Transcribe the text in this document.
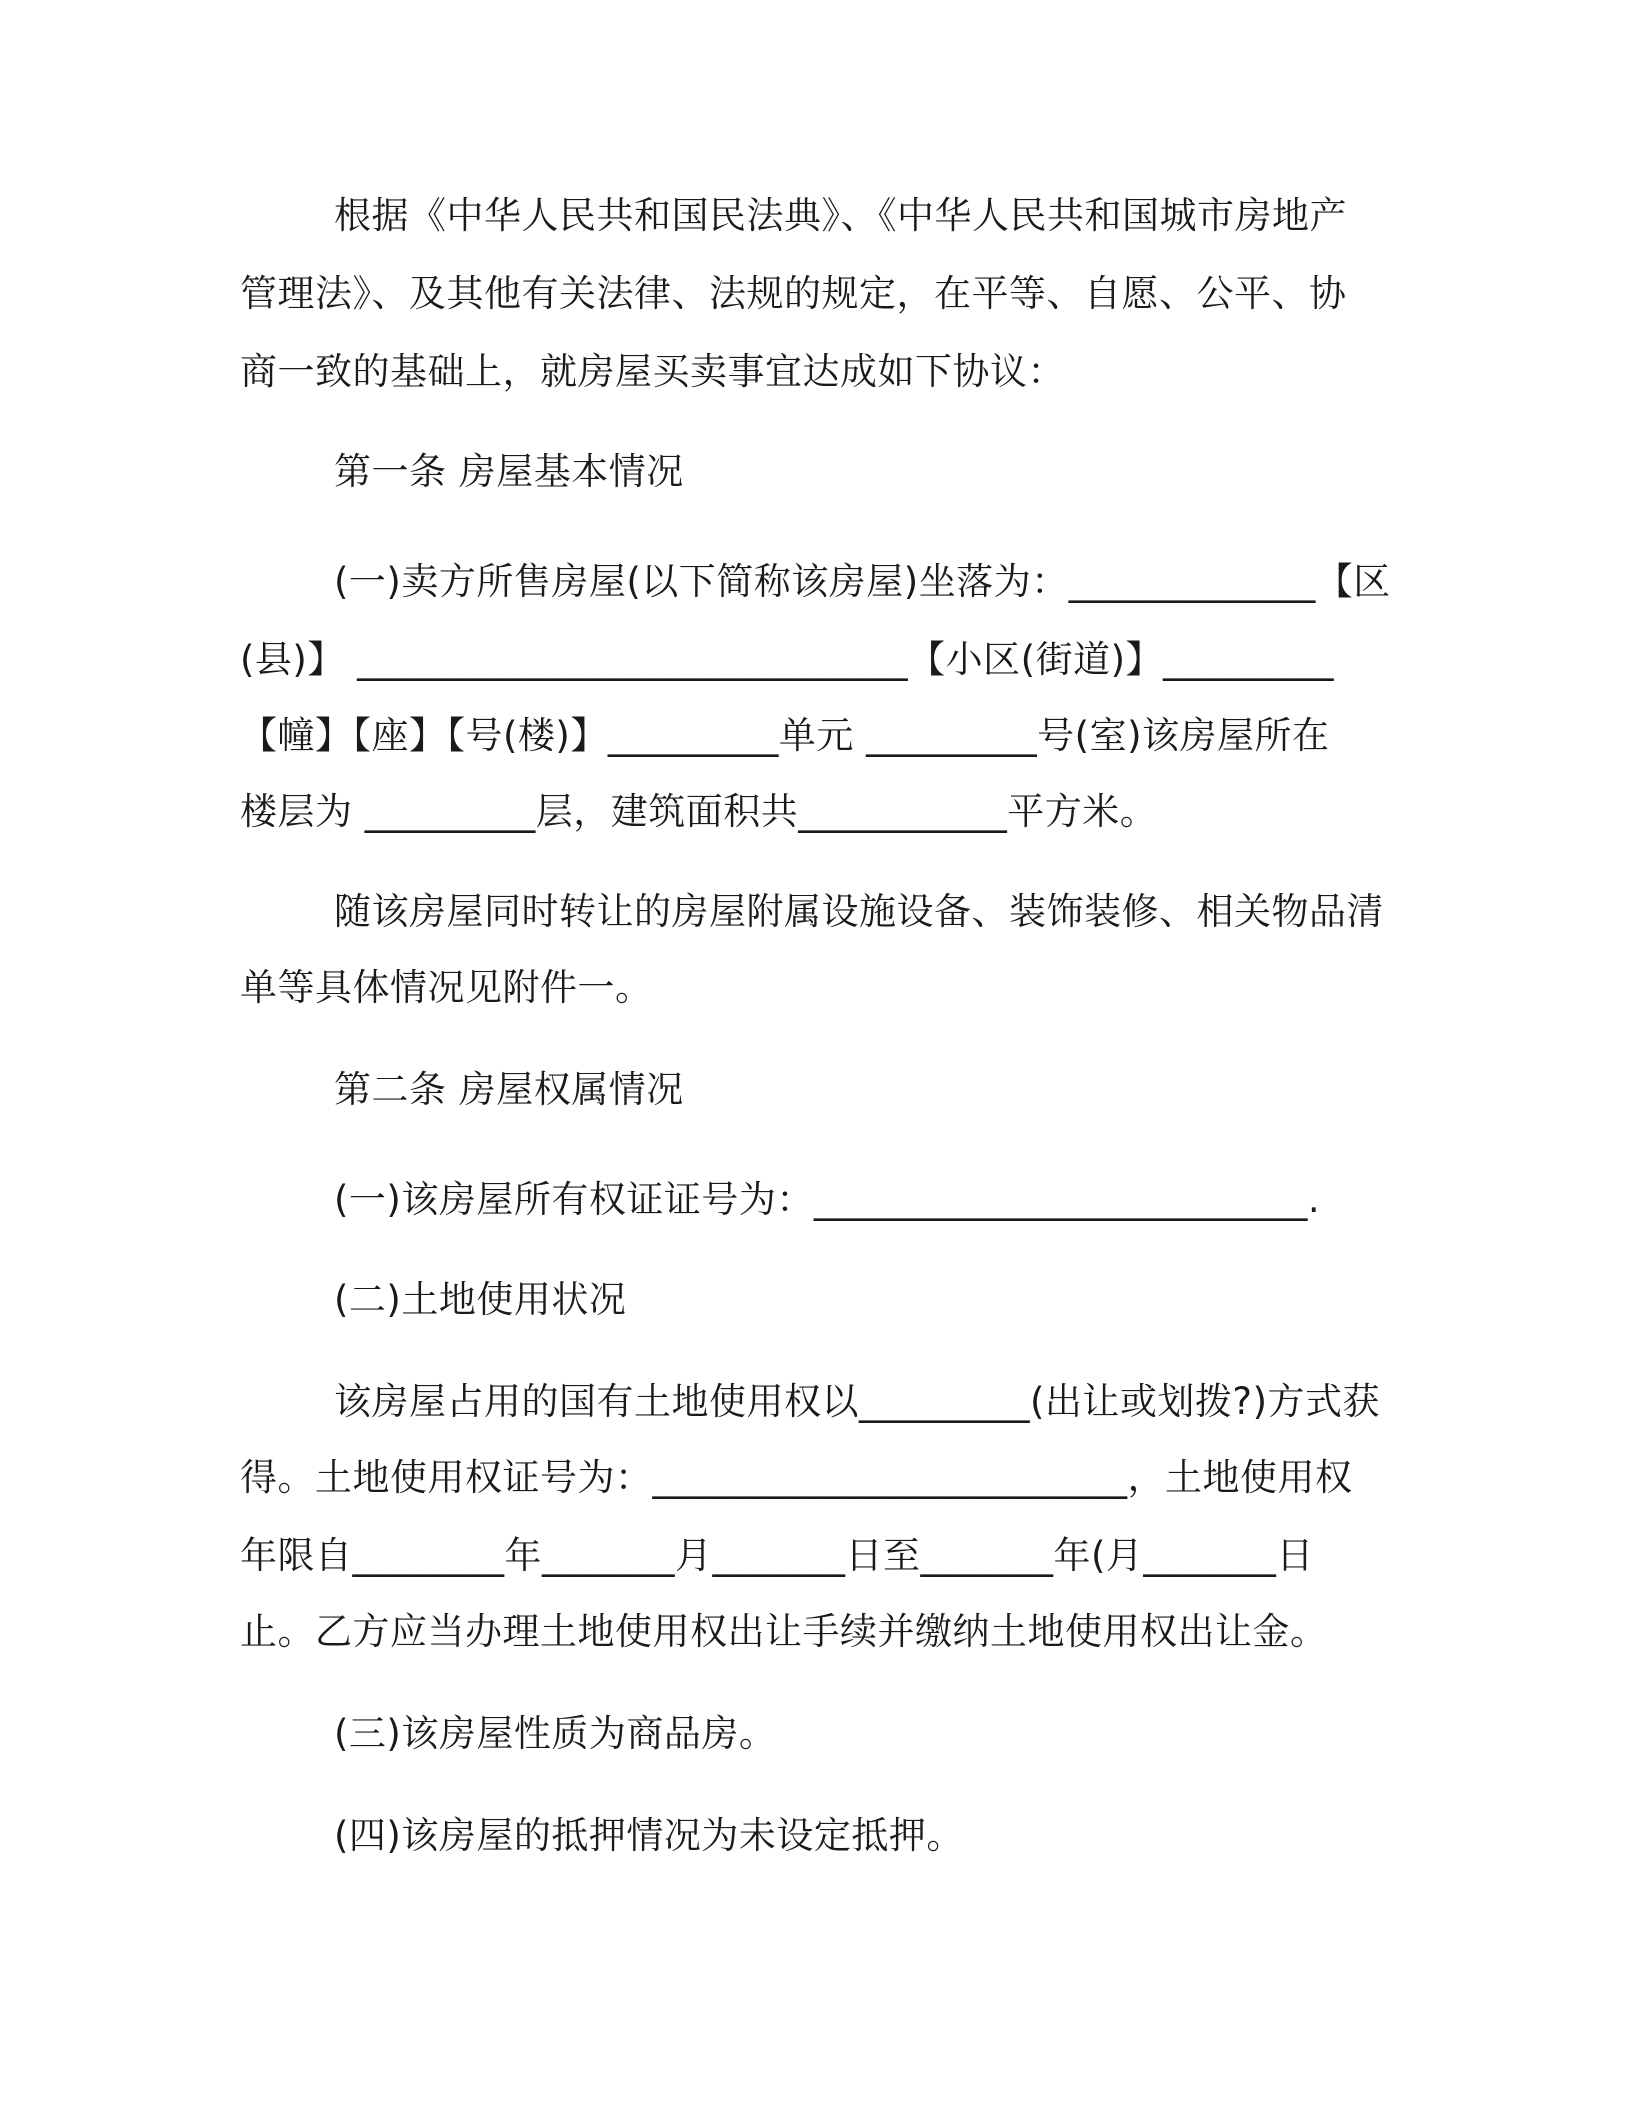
根据《中华人民共和国民法典》、《中华人民共和国城市房地产
管理法》、及其他有关法律、法规的规定，在平等、自愿、公平、协
商一致的基础上，就房屋买卖事宜达成如下协议：
第一条 房屋基本情况
(一)卖方所售房屋(以下简称该房屋)坐落为：_____________【区
(县)】 _____________________________【小区(街道)】_________
【幢】【座】【号(楼)】_________单元 _________号(室)该房屋所在
楼层为 _________层，建筑面积共___________平方米。
随该房屋同时转让的房屋附属设施设备、装饰装修、相关物品清
单等具体情况见附件一。
第二条 房屋权属情况
(一)该房屋所有权证证号为：__________________________.
(二)土地使用状况
该房屋占用的国有土地使用权以_________(出让或划拨?)方式获
得。土地使用权证号为：_________________________，土地使用权
年限自________年_______月_______日至_______年(月_______日
止。乙方应当办理土地使用权出让手续并缴纳土地使用权出让金。
(三)该房屋性质为商品房。
(四)该房屋的抵押情况为未设定抵押。
